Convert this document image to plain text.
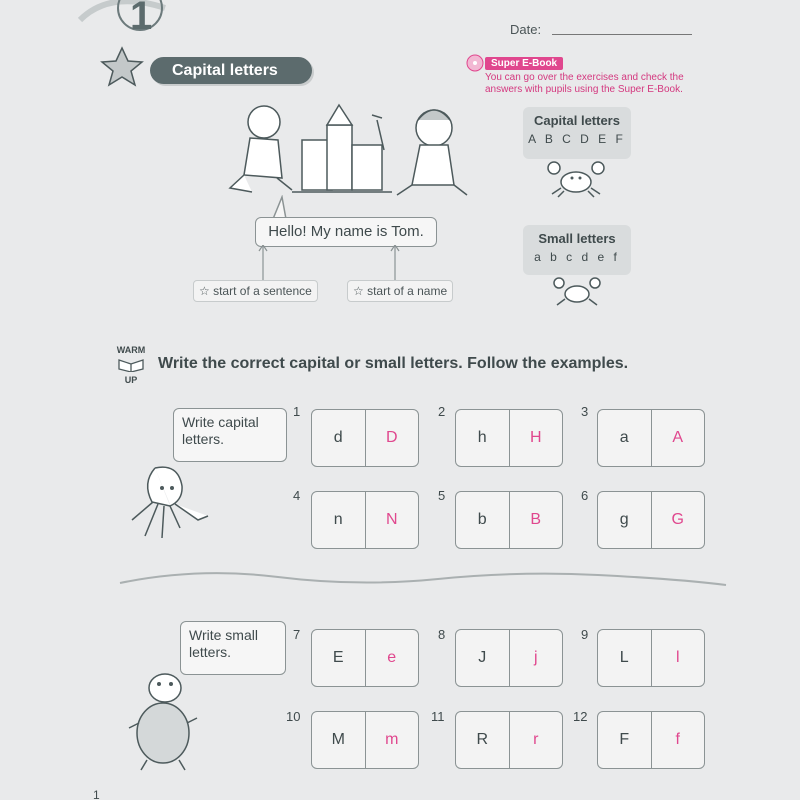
1	Date:
Capital letters	Super E-Book
You can go over the exercises and check the
answers with pupils using the Super E-Book.
Capital letters
A B C D E F
Small letters
a b c d e f
Hello! My name is Tom.
☆ start of a sentence	☆ start of a name
WARM
UP
Write the correct capital or small letters. Follow the examples.
Write capital
letters.
1
d	D
2
h	H
3
a	A
4
n	N
5
b	B
6
g	G
Write small
letters.
7
E	e
8
J	j
9
L	l
10
M	m
11
R	r
12
F	f
1
